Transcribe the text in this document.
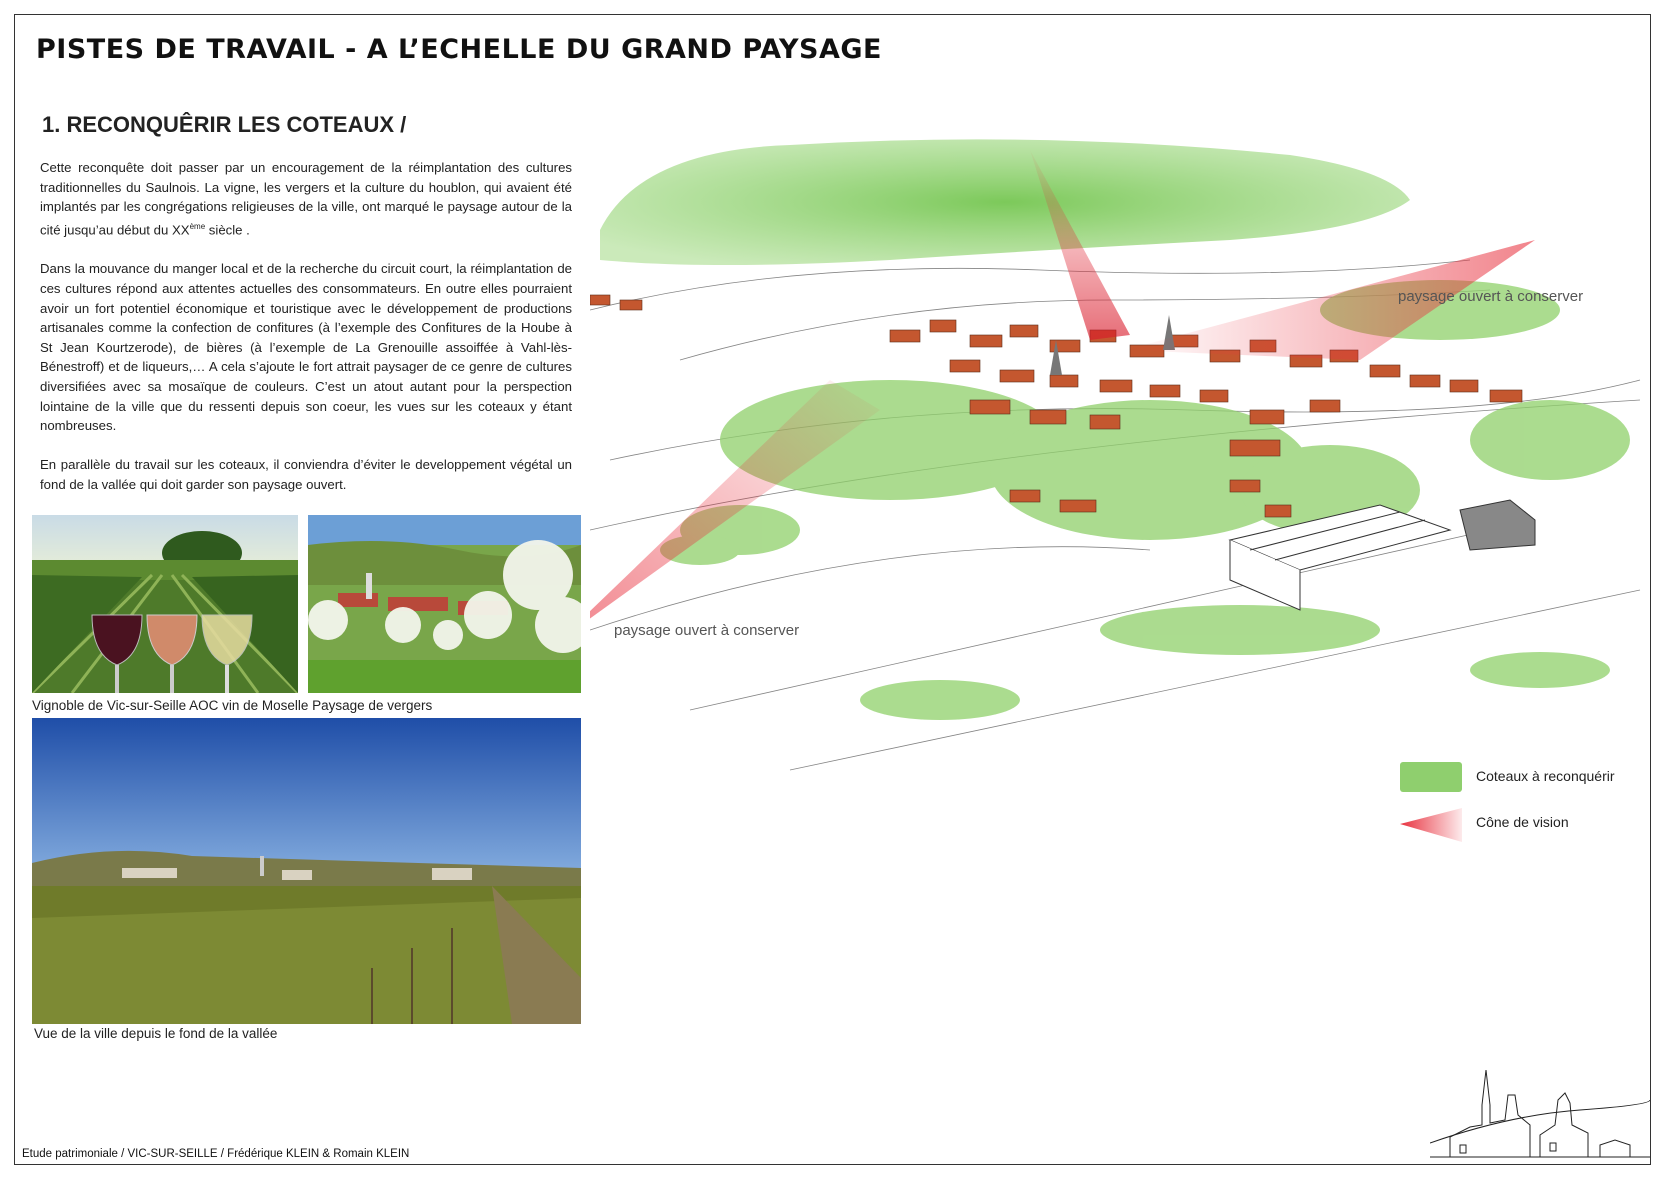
PISTES DE TRAVAIL - A L’ECHELLE DU GRAND PAYSAGE
1. RECONQUÊRIR LES COTEAUX /

Cette reconquête doit passer par un encouragement de la réimplantation des cultures traditionnelles du Saulnois. La vigne, les vergers et la culture du houblon, qui avaient été implantés par les congrégations religieuses de la ville, ont marqué le paysage autour de la cité jusqu’au début du XXème siècle .

Dans la mouvance du manger local et de la recherche du circuit court, la réimplantation de ces cultures répond aux attentes actuelles des consommateurs. En outre elles pourraient avoir un fort potentiel économique et touristique avec le développement de productions artisanales comme la confection de confitures (à l’exemple des Confitures de la Hoube à St Jean Kourtzerode), de bières (à l’exemple de La Grenouille assoiffée à Vahl-lès-Bénestroff) et de liqueurs,… A cela s’ajoute le fort attrait paysager de ce genre de cultures diversifiées avec sa mosaïque de couleurs. C’est un atout autant pour la perspection lointaine de la ville que du ressenti depuis son coeur, les vues sur les coteaux y étant nombreuses.

En parallèle du travail sur les coteaux, il conviendra d’éviter le developpement végétal un fond de la vallée qui doit garder son paysage ouvert.

Vignoble de Vic-sur-Seille AOC vin de Moselle Paysage de vergers
Vue de la ville depuis le fond de la vallée
paysage ouvert à conserver
paysage ouvert à conserver
Coteaux à reconquérir
Cône de vision
Etude patrimoniale / VIC-SUR-SEILLE / Frédérique KLEIN & Romain KLEIN
